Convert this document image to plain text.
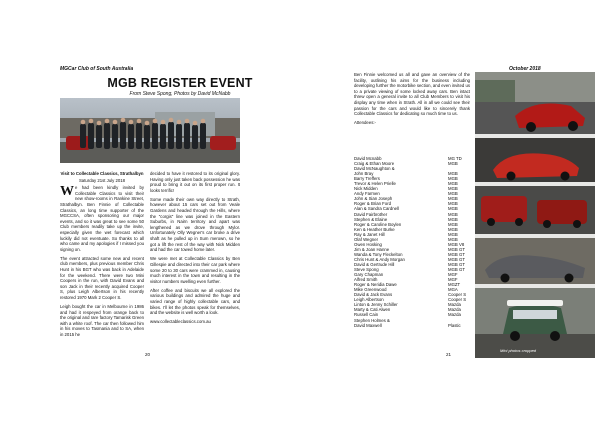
MGCar Club of South Australia
MGB REGISTER EVENT
From Steve Spong, Photos by David McNabb
Visit to Collectable Classics, Strathalbyn
Saturday 21st July 2018

We had been kindly invited by Collectable Classics to visit their new show-rooms in Rankine Street, Strathalbyn. Ben Finnie of Collectable Classics, an long time supporter of the MGCCSA, often sponsoring our major events, and so it was great to see some 50 Club members readily take up the invite, especially given the wet forecast which luckily did not eventuate. So thanks to all who came and my apologies if I missed you signing on.

The event attracted some new and recent club members, plus previous member Chris Hunt in his BGT who was back in Adelaide for the weekend. There were two Mini Coopers in the run, with David Evans and son Jack in their recently acquired Cooper S, plus Leigh Albertson in his recently restored 1970 Mark 2 Cooper S.

Leigh bought the car in Melbourne in 1986 and had it respeyed from orange back to the original and rare factory Tamarisk Green with a white roof. The car then followed him in his moves to Tasmania and to SA, when in 2015 he

decided to have it restored to its original glory. Having only just taken back possession he was proud to bring it out on its first proper run. It looks terrific!

Some made their own way directly to Strath, however about 15 cars set out from Veale Gardens and headed through the Hills, where the "corgis" line was joined in the Eastern Suburbs, in Nairn territory and apart was lengthened as we drove through Mylor. Unfortunately Olly Wegner's car broke a drive shaft as he pulled up in Sum merown, so he got a lift the rest of the way with Nick Midden and had the car towed home later.

We were met at Collectable Classics by Ben Gillespie and directed into their car park where some 20 to 30 cars were crammed in, causing much interest in the town and resulting in the visitor numbers swelling even further.

After coffee and biscuits we all explored the various buildings and admired the huge and varied range of highly collectable cars, and bikes. I'll let the photos speak for themselves, and the website is well worth a look.

www.collectableclassics.com.au

20
October 2018

Ben Finnie welcomed us all and gave an overview of the facility, outlining his aims for the business including developing further the motorbike section, and even invited us to a private viewing of some locked away cars. Ben intact threw open a general invite to all Club Members to visit his display any time when in Strath. All in all we could see their passion for the cars and would like to sincerely thank Collectable Classics for dedicating so much time to us.

Attendees:-

David Mcnabb	MG TD
Craig & Ethan Moore	MGB
David McNaughton &
John Bray	MGB
Barry Treffers	MGB
Trevor & Helen Prielle	MGB
Nick Midden	MGB
Andy Farmen	MGB
John & Sian Joseph	MGB
Roger & Brian Ford	MGB
Alan & Sandra Cardnell	MGB
David Fairbrother	MGB
Stephen & Elaine	MGB
Roger & Caroline Boylen	MGB
Ken & Heather Burke	MGB
Ray & Janet Hill	MGB
Olaf Wegner	MGB
Owen Hosking	MGB V8
Jim & Joan Hanne	MGB GT
Wanda & Tony Fleckelton	MGB GT
Chris Hunt & Andy Morgan	MGB GT
David & Gertrude Hill	MGB GT
Steve Spong	MGB GT
Gary Chapman	MGF
Alfred Smith	MGF
Roger & Neridia Dawe	MGZT
Mike Greenwood	MGA
David & Jack Evans	Cooper S
Leigh Albertson	Cooper S
Linton & Jenny Schiller	Mazda
Marty & Cati Alwen	Mazda
Russell Cain	Mazda
Stephen Holmes &
David Maxwell	Plastic
Mini photos cropped
21
